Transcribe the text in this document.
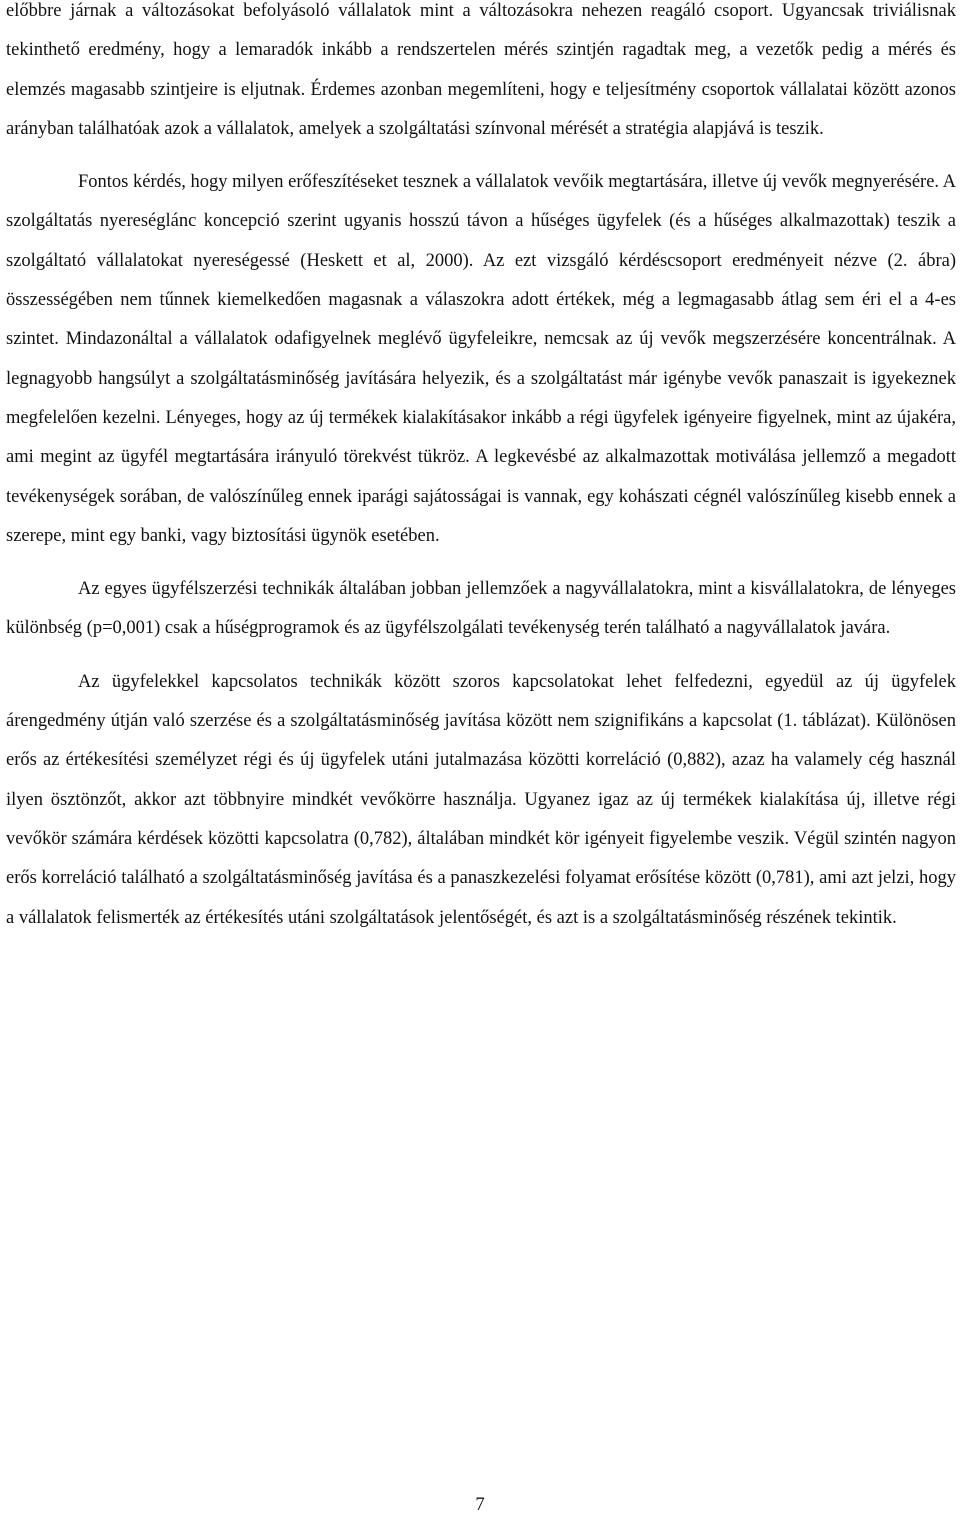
előbbre járnak a változásokat befolyásoló vállalatok mint a változásokra nehezen reagáló csoport. Ugyancsak triviálisnak tekinthető eredmény, hogy a lemaradók inkább a rendszertelen mérés szintjén ragadtak meg, a vezetők pedig a mérés és elemzés magasabb szintjeire is eljutnak. Érdemes azonban megemlíteni, hogy e teljesítmény csoportok vállalatai között azonos arányban találhatóak azok a vállalatok, amelyek a szolgáltatási színvonal mérését a stratégia alapjává is teszik.

Fontos kérdés, hogy milyen erőfeszítéseket tesznek a vállalatok vevőik megtartására, illetve új vevők megnyerésére. A szolgáltatás nyereséglánc koncepció szerint ugyanis hosszú távon a hűséges ügyfelek (és a hűséges alkalmazottak) teszik a szolgáltató vállalatokat nyereségessé (Heskett et al, 2000). Az ezt vizsgáló kérdéscsoport eredményeit nézve (2. ábra) összességében nem tűnnek kiemelkedően magasnak a válaszokra adott értékek, még a legmagasabb átlag sem éri el a 4-es szintet. Mindazonáltal a vállalatok odafigyelnek meglévő ügyfeleikre, nemcsak az új vevők megszerzésére koncentrálnak. A legnagyobb hangsúlyt a szolgáltatásminőség javítására helyezik, és a szolgáltatást már igénybe vevők panaszait is igyekeznek megfelelően kezelni. Lényeges, hogy az új termékek kialakításakor inkább a régi ügyfelek igényeire figyelnek, mint az újakéra, ami megint az ügyfél megtartására irányuló törekvést tükröz. A legkevésbé az alkalmazottak motiválása jellemző a megadott tevékenységek sorában, de valószínűleg ennek iparági sajátosságai is vannak, egy kohászati cégnél valószínűleg kisebb ennek a szerepe, mint egy banki, vagy biztosítási ügynök esetében.

Az egyes ügyfélszerzési technikák általában jobban jellemzőek a nagyvállalatokra, mint a kisvállalatokra, de lényeges különbség (p=0,001) csak a hűségprogramok és az ügyfélszolgálati tevékenység terén található a nagyvállalatok javára.

Az ügyfelekkel kapcsolatos technikák között szoros kapcsolatokat lehet felfedezni, egyedül az új ügyfelek árengedmény útján való szerzése és a szolgáltatásminőség javítása között nem szignifikáns a kapcsolat (1. táblázat). Különösen erős az értékesítési személyzet régi és új ügyfelek utáni jutalmazása közötti korreláció (0,882), azaz ha valamely cég használ ilyen ösztönzőt, akkor azt többnyire mindkét vevőkörre használja. Ugyanez igaz az új termékek kialakítása új, illetve régi vevőkör számára kérdések közötti kapcsolatra (0,782), általában mindkét kör igényeit figyelembe veszik. Végül szintén nagyon erős korreláció található a szolgáltatásminőség javítása és a panaszkezelési folyamat erősítése között (0,781), ami azt jelzi, hogy a vállalatok felismerték az értékesítés utáni szolgáltatások jelentőségét, és azt is a szolgáltatásminőség részének tekintik.

7
